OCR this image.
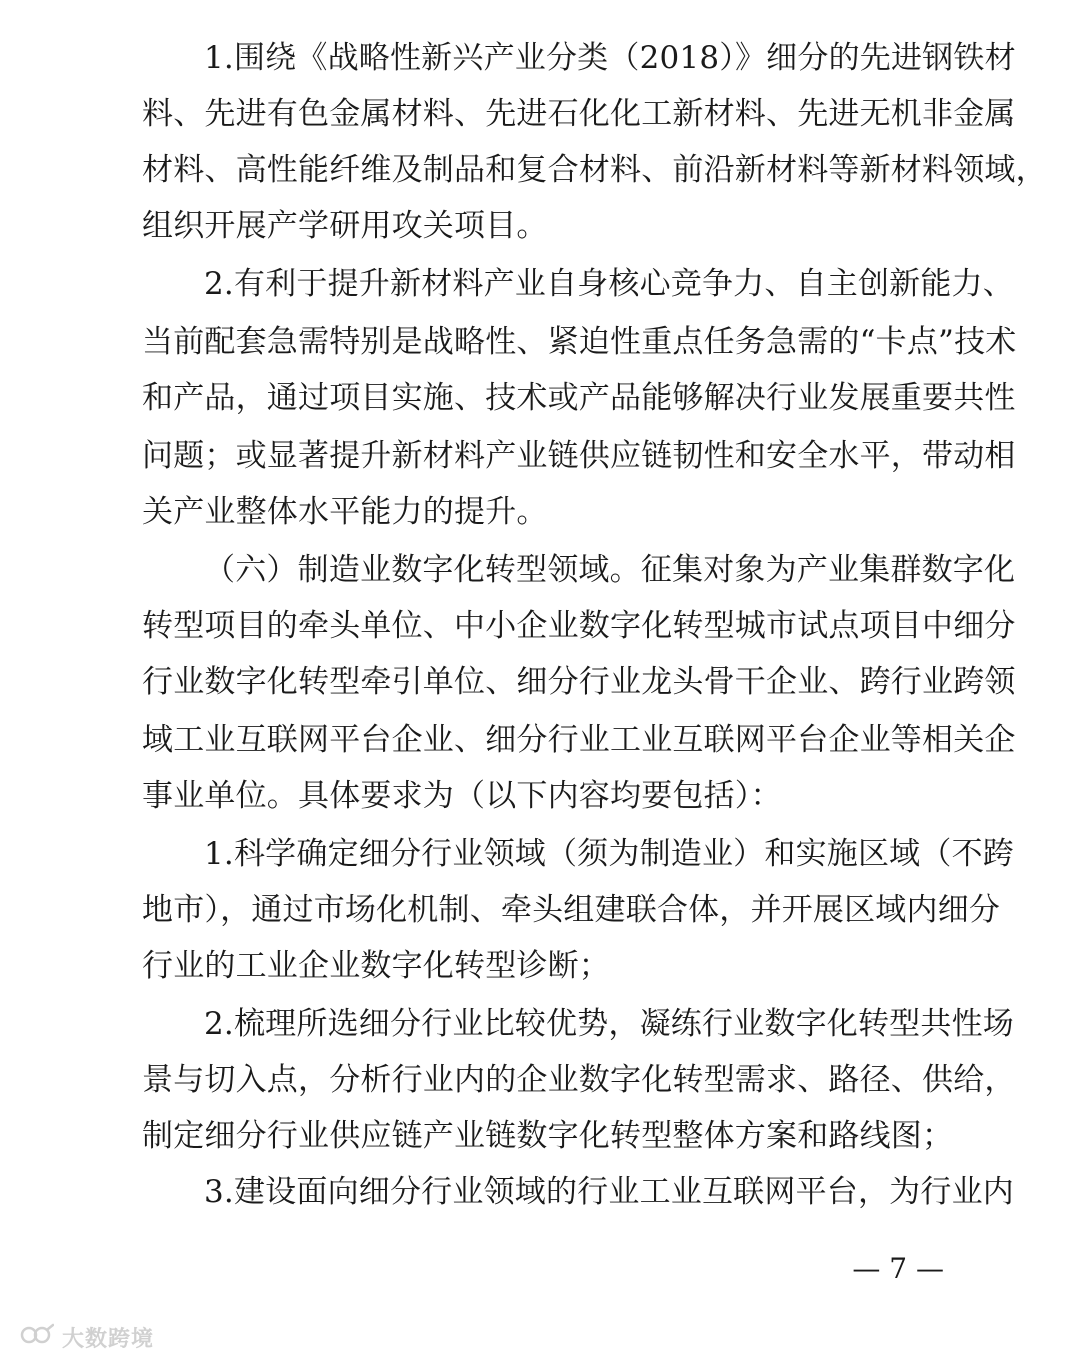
1.围绕《战略性新兴产业分类（2018）》细分的先进钢铁材
料、先进有色金属材料、先进石化化工新材料、先进无机非金属
材料、高性能纤维及制品和复合材料、前沿新材料等新材料领域，
组织开展产学研用攻关项目。
2.有利于提升新材料产业自身核心竞争力、自主创新能力、
当前配套急需特别是战略性、紧迫性重点任务急需的“卡点”技术
和产品，通过项目实施、技术或产品能够解决行业发展重要共性
问题；或显著提升新材料产业链供应链韧性和安全水平，带动相
关产业整体水平能力的提升。
（六）制造业数字化转型领域。征集对象为产业集群数字化
转型项目的牵头单位、中小企业数字化转型城市试点项目中细分
行业数字化转型牵引单位、细分行业龙头骨干企业、跨行业跨领
域工业互联网平台企业、细分行业工业互联网平台企业等相关企
事业单位。具体要求为（以下内容均要包括）：
1.科学确定细分行业领域（须为制造业）和实施区域（不跨
地市），通过市场化机制、牵头组建联合体，并开展区域内细分
行业的工业企业数字化转型诊断；
2.梳理所选细分行业比较优势，凝练行业数字化转型共性场
景与切入点，分析行业内的企业数字化转型需求、路径、供给，
制定细分行业供应链产业链数字化转型整体方案和路线图；
3.建设面向细分行业领域的行业工业互联网平台，为行业内
— 7 —
大数跨境
